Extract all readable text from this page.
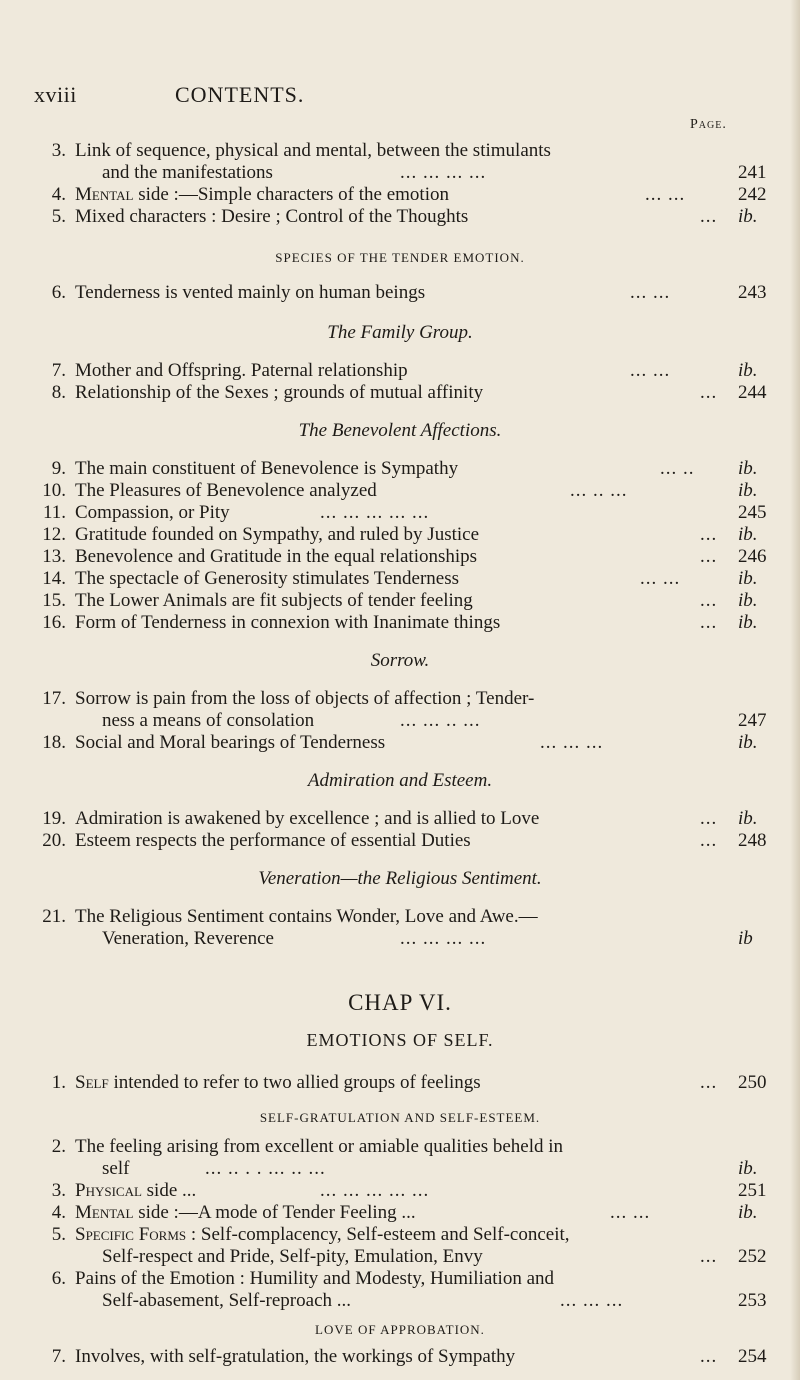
xviii	CONTENTS.
Page.
3. Link of sequence, physical and mental, between the stimulants
and the manifestations	... ... ... ...	241
4. Mental side :—Simple characters of the emotion	... ...	242
5. Mixed characters : Desire ; Control of the Thoughts	... ib.
SPECIES OF THE TENDER EMOTION.
6. Tenderness is vented mainly on human beings	... ...	243
The Family Group.
7. Mother and Offspring. Paternal relationship	... ...	ib.
8. Relationship of the Sexes ; grounds of mutual affinity	... 244
The Benevolent Affections.
9. The main constituent of Benevolence is Sympathy	... .. ib.
10. The Pleasures of Benevolence analyzed	... .. ...	ib.
11. Compassion, or Pity	... ... ... ... ...	245
12. Gratitude founded on Sympathy, and ruled by Justice	... ib.
13. Benevolence and Gratitude in the equal relationships	... 246
14. The spectacle of Generosity stimulates Tenderness	... ...	ib.
15. The Lower Animals are fit subjects of tender feeling	... ib.
16. Form of Tenderness in connexion with Inanimate things	... ib.
Sorrow.
17. Sorrow is pain from the loss of objects of affection ; Tender-
ness a means of consolation	... ... .. ...	247
18. Social and Moral bearings of Tenderness	... ... ...	ib.
Admiration and Esteem.
19. Admiration is awakened by excellence ; and is allied to Love	... ib.
20. Esteem respects the performance of essential Duties	... 248
Veneration—the Religious Sentiment.
21. The Religious Sentiment contains Wonder, Love and Awe.—
Veneration, Reverence	... ... ... ...	ib
CHAP VI.
EMOTIONS OF SELF.
1. Self intended to refer to two allied groups of feelings	... 250
SELF-GRATULATION AND SELF-ESTEEM.
2. The feeling arising from excellent or amiable qualities beheld in
self	... .. . . ... .. ...	ib.
3. Physical side ...	... ... ... ... ...	251
4. Mental side :—A mode of Tender Feeling ...	... ...	ib.
5. Specific Forms : Self-complacency, Self-esteem and Self-conceit,
Self-respect and Pride, Self-pity, Emulation, Envy	... 252
6. Pains of the Emotion : Humility and Modesty, Humiliation and
Self-abasement, Self-reproach ...	... ... ...	253
LOVE OF APPROBATION.
7. Involves, with self-gratulation, the workings of Sympathy	... 254
